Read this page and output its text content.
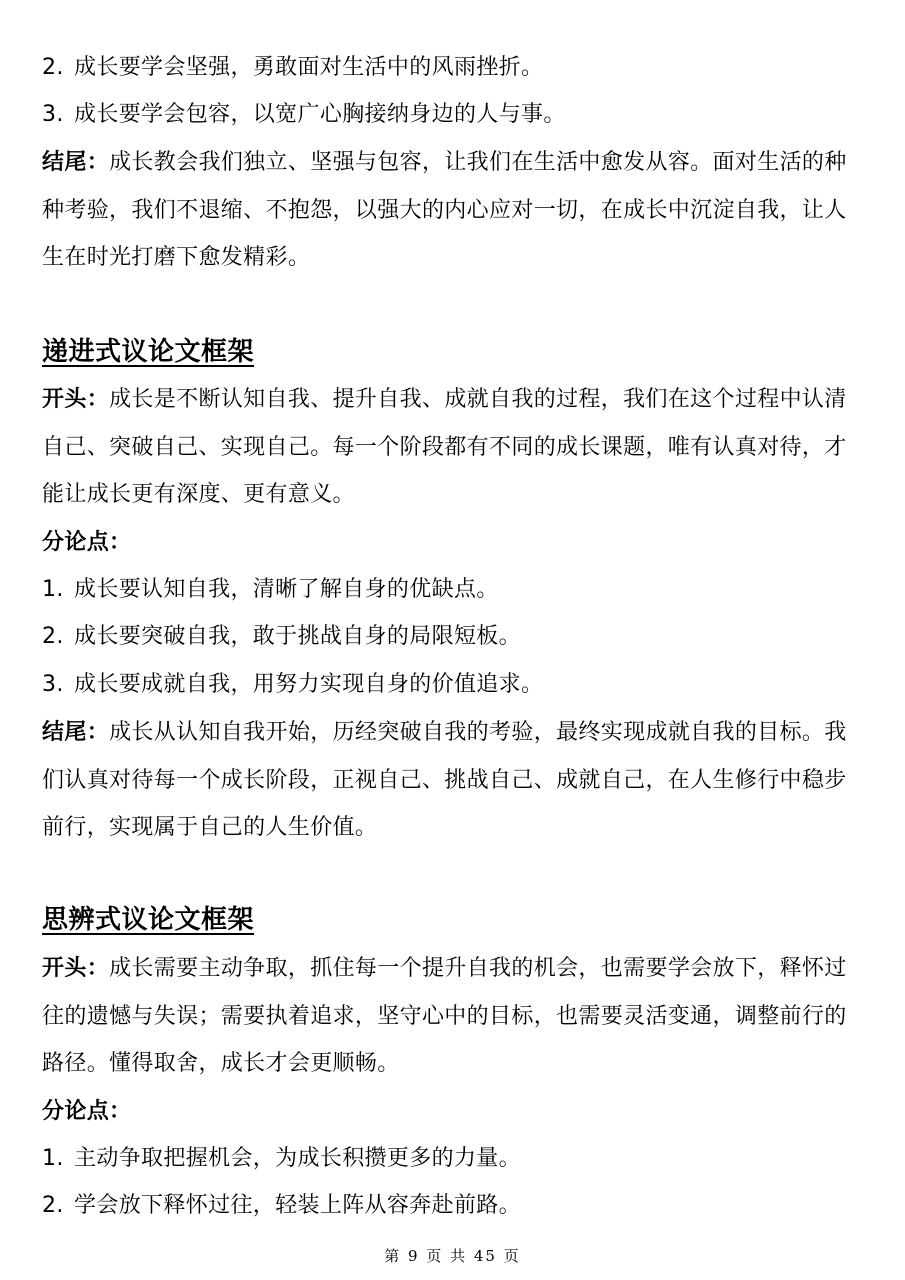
2. 成长要学会坚强，勇敢面对生活中的风雨挫折。
3. 成长要学会包容，以宽广心胸接纳身边的人与事。
结尾：成长教会我们独立、坚强与包容，让我们在生活中愈发从容。面对生活的种种考验，我们不退缩、不抱怨，以强大的内心应对一切，在成长中沉淀自我，让人生在时光打磨下愈发精彩。
递进式议论文框架
开头：成长是不断认知自我、提升自我、成就自我的过程，我们在这个过程中认清自己、突破自己、实现自己。每一个阶段都有不同的成长课题，唯有认真对待，才能让成长更有深度、更有意义。
分论点：
1. 成长要认知自我，清晰了解自身的优缺点。
2. 成长要突破自我，敢于挑战自身的局限短板。
3. 成长要成就自我，用努力实现自身的价值追求。
结尾：成长从认知自我开始，历经突破自我的考验，最终实现成就自我的目标。我们认真对待每一个成长阶段，正视自己、挑战自己、成就自己，在人生修行中稳步前行，实现属于自己的人生价值。
思辨式议论文框架
开头：成长需要主动争取，抓住每一个提升自我的机会，也需要学会放下，释怀过往的遗憾与失误；需要执着追求，坚守心中的目标，也需要灵活变通，调整前行的路径。懂得取舍，成长才会更顺畅。
分论点：
1. 主动争取把握机会，为成长积攒更多的力量。
2. 学会放下释怀过往，轻装上阵从容奔赴前路。
第 9 页 共 45 页
